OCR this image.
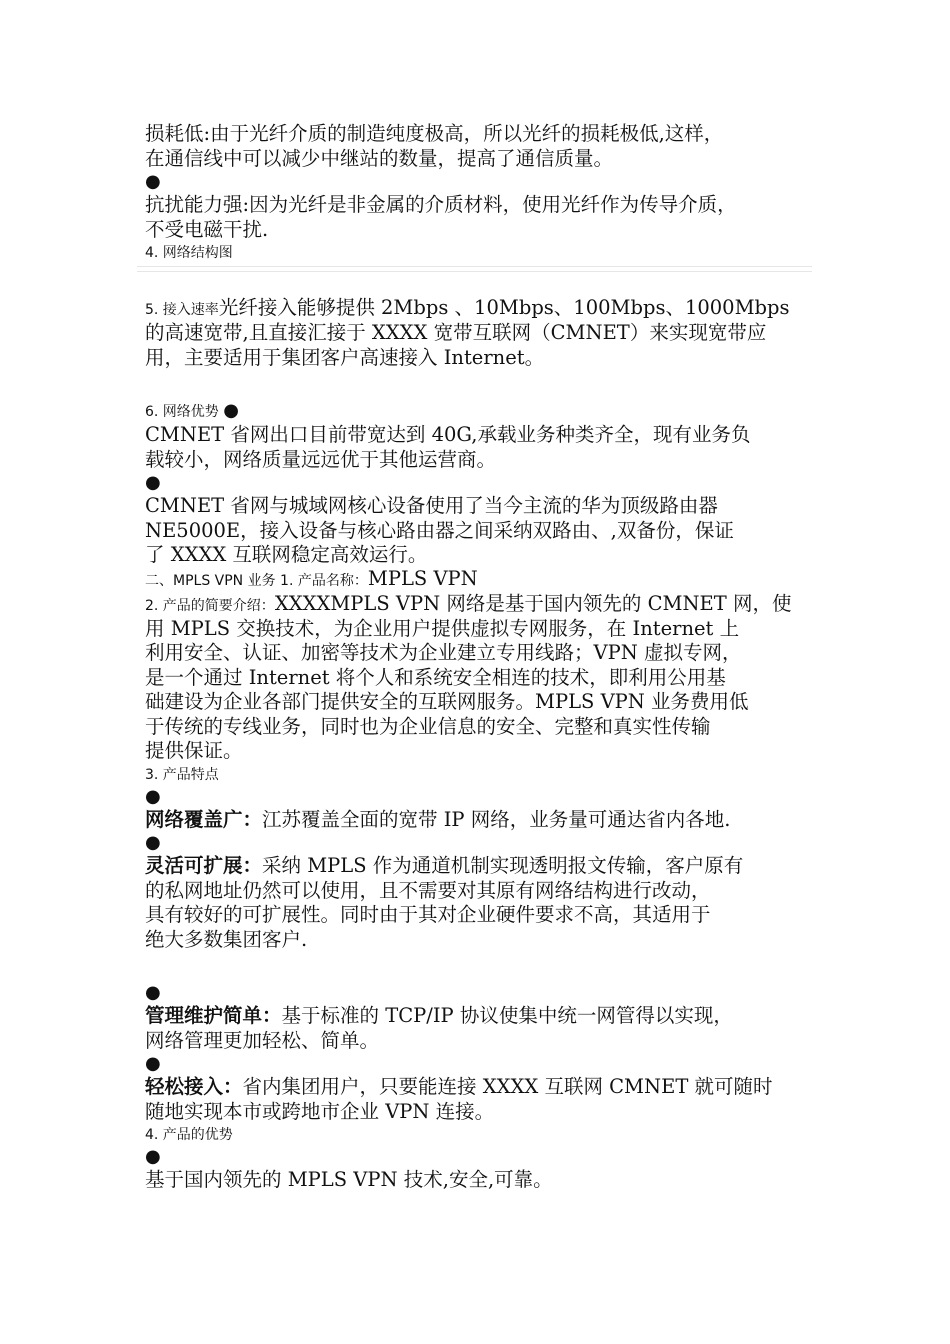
损耗低:由于光纤介质的制造纯度极高，所以光纤的损耗极低,这样，

在通信线中可以减少中继站的数量，提高了通信质量。

●

抗扰能力强:因为光纤是非金属的介质材料，使用光纤作为传导介质，

不受电磁干扰.

4. 网络结构图

5. 接入速率光纤接入能够提供 2Mbps 、10Mbps、100Mbps、1000Mbps

的高速宽带,且直接汇接于 XXXX 宽带互联网（CMNET）来实现宽带应

用，主要适用于集团客户高速接入 Internet。

6. 网络优势 ●

CMNET 省网出口目前带宽达到 40G,承载业务种类齐全，现有业务负

载较小，网络质量远远优于其他运营商。

●

CMNET 省网与城域网核心设备使用了当今主流的华为顶级路由器

NE5000E，接入设备与核心路由器之间采纳双路由、,双备份，保证

了 XXXX 互联网稳定高效运行。

二、MPLS VPN 业务 1. 产品名称：MPLS VPN

2. 产品的简要介绍：XXXXMPLS VPN 网络是基于国内领先的 CMNET 网，使

用 MPLS 交换技术，为企业用户提供虚拟专网服务，在 Internet 上

利用安全、认证、加密等技术为企业建立专用线路；VPN 虚拟专网，

是一个通过 Internet 将个人和系统安全相连的技术，即利用公用基

础建设为企业各部门提供安全的互联网服务。MPLS VPN 业务费用低

于传统的专线业务，同时也为企业信息的安全、完整和真实性传输

提供保证。

3. 产品特点

●

网络覆盖广：江苏覆盖全面的宽带 IP 网络，业务量可通达省内各地.

●

灵活可扩展：采纳 MPLS 作为通道机制实现透明报文传输，客户原有

的私网地址仍然可以使用，且不需要对其原有网络结构进行改动，

具有较好的可扩展性。同时由于其对企业硬件要求不高，其适用于

绝大多数集团客户.

●

管理维护简单：基于标准的 TCP/IP 协议使集中统一网管得以实现，

网络管理更加轻松、简单。

●

轻松接入：省内集团用户，只要能连接 XXXX 互联网 CMNET 就可随时

随地实现本市或跨地市企业 VPN 连接。

4. 产品的优势

●

基于国内领先的 MPLS VPN 技术,安全,可靠。
